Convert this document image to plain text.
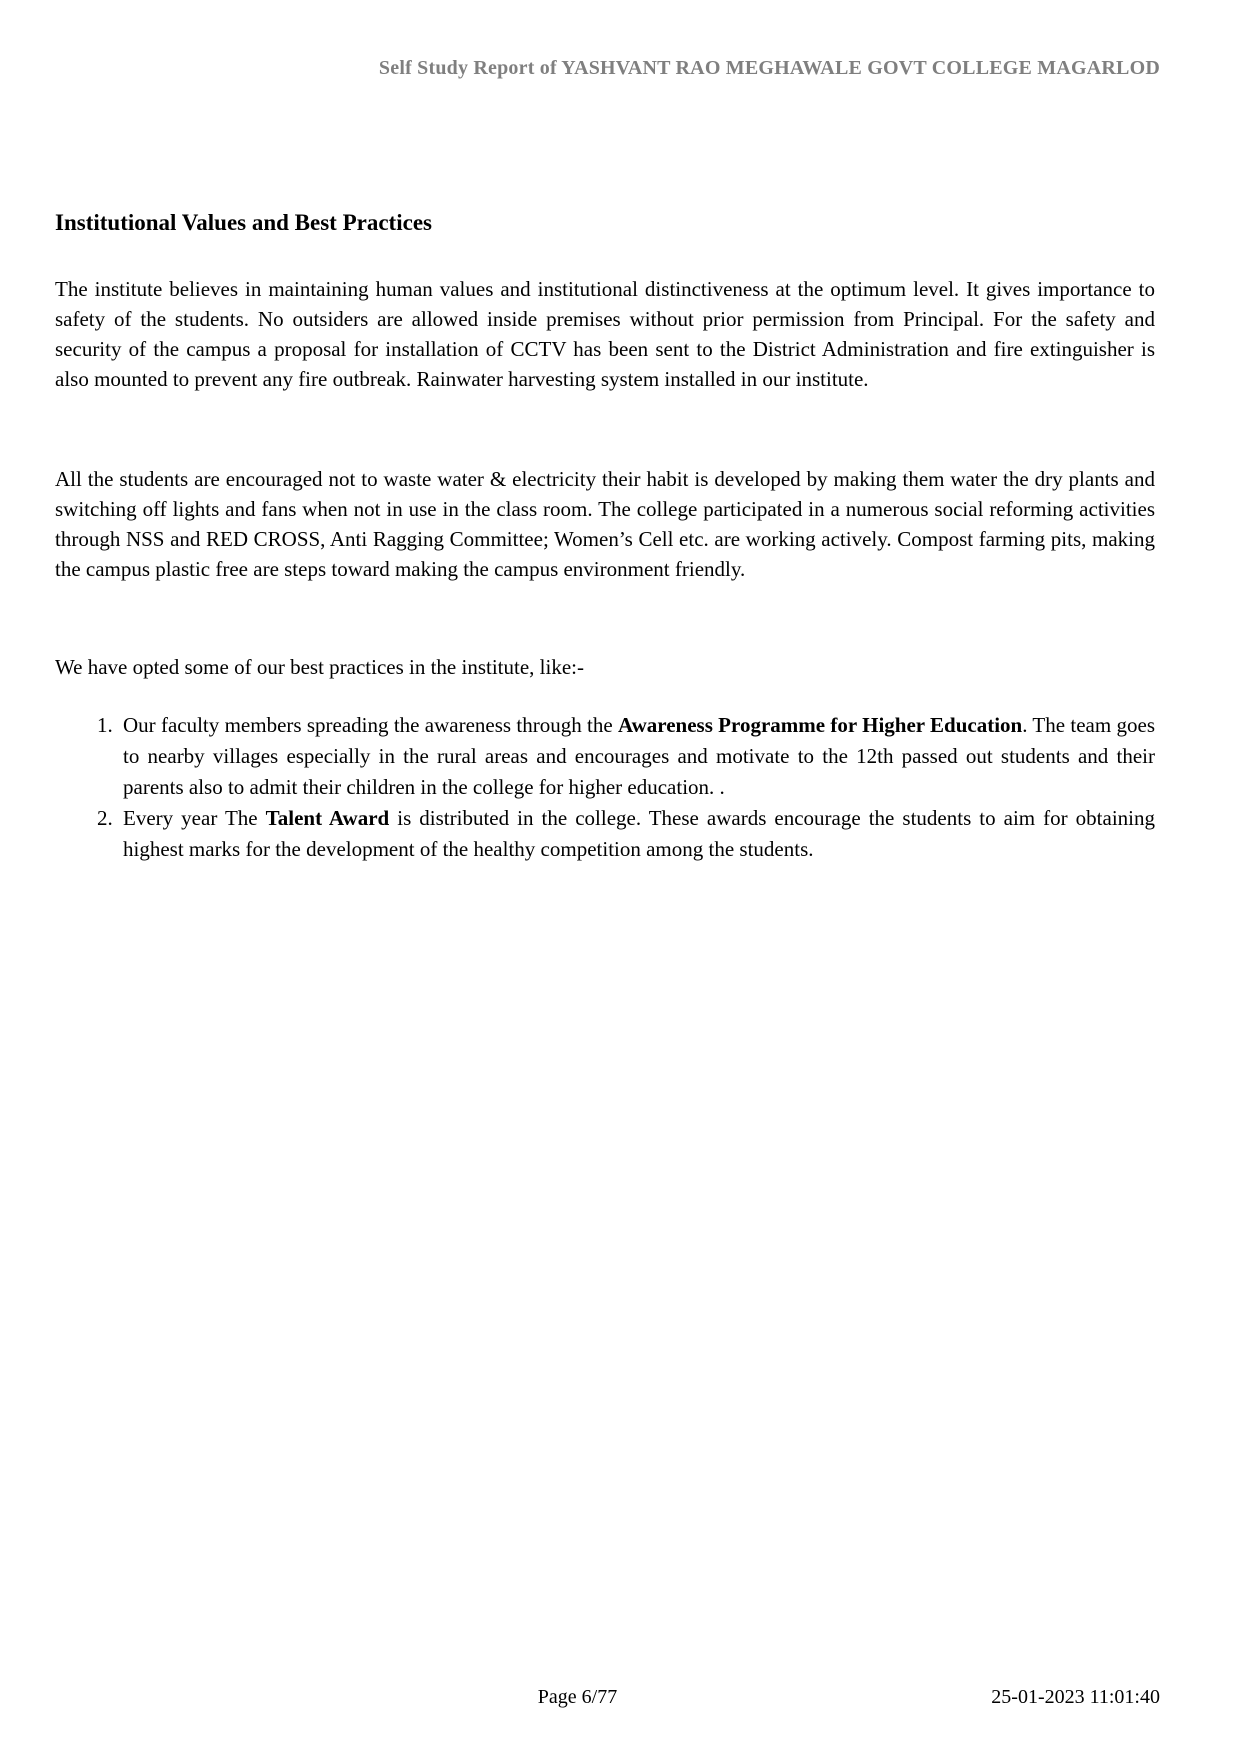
Self Study Report of YASHVANT RAO MEGHAWALE GOVT COLLEGE MAGARLOD
Institutional Values and Best Practices
The institute believes in maintaining human values and institutional distinctiveness at the optimum level. It gives importance to safety of the students. No outsiders are allowed inside premises without prior permission from Principal. For the safety and security of the campus a proposal for installation of CCTV has been sent to the District Administration and fire extinguisher is also mounted to prevent any fire outbreak. Rainwater harvesting system installed in our institute.
All the students are encouraged not to waste water & electricity their habit is developed by making them water the dry plants and switching off lights and fans when not in use in the class room. The college participated in a numerous social reforming activities through NSS and RED CROSS, Anti Ragging Committee; Women’s Cell etc. are working actively. Compost farming pits, making the campus plastic free are steps toward making the campus environment friendly.
We have opted some of our best practices in the institute, like:-
1. Our faculty members spreading the awareness through the Awareness Programme for Higher Education. The team goes to nearby villages especially in the rural areas and encourages and motivate to the 12th passed out students and their parents also to admit their children in the college for higher education. .
2. Every year The Talent Award is distributed in the college. These awards encourage the students to aim for obtaining highest marks for the development of the healthy competition among the students.
Page 6/77	25-01-2023 11:01:40
